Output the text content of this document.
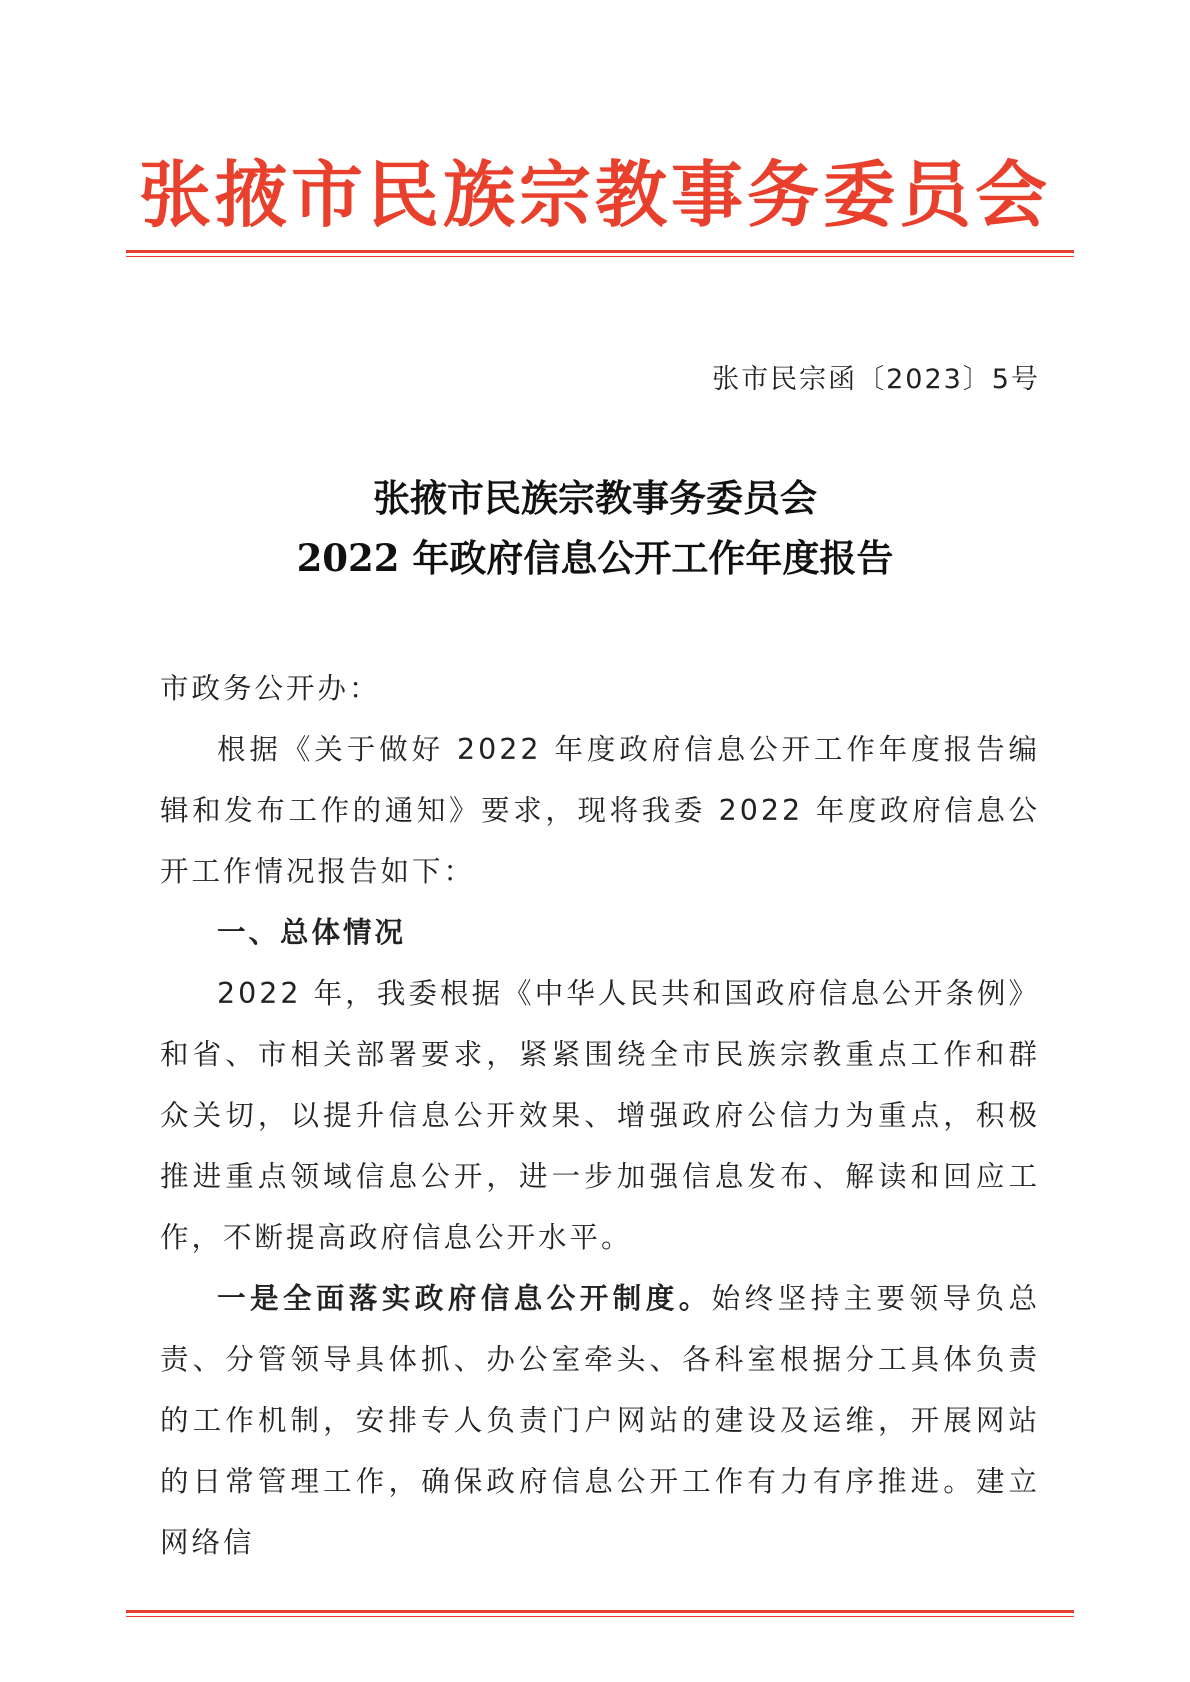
张掖市民族宗教事务委员会
张市民宗函〔2023〕5号
张掖市民族宗教事务委员会
2022 年政府信息公开工作年度报告

市政务公开办：

根据《关于做好 2022 年度政府信息公开工作年度报告编辑和发布工作的通知》要求，现将我委 2022 年度政府信息公开工作情况报告如下：

一、总体情况

2022 年，我委根据《中华人民共和国政府信息公开条例》和省、市相关部署要求，紧紧围绕全市民族宗教重点工作和群众关切，以提升信息公开效果、增强政府公信力为重点，积极推进重点领域信息公开，进一步加强信息发布、解读和回应工作，不断提高政府信息公开水平。

一是全面落实政府信息公开制度。始终坚持主要领导负总责、分管领导具体抓、办公室牵头、各科室根据分工具体负责的工作机制，安排专人负责门户网站的建设及运维，开展网站的日常管理工作，确保政府信息公开工作有力有序推进。建立网络信
